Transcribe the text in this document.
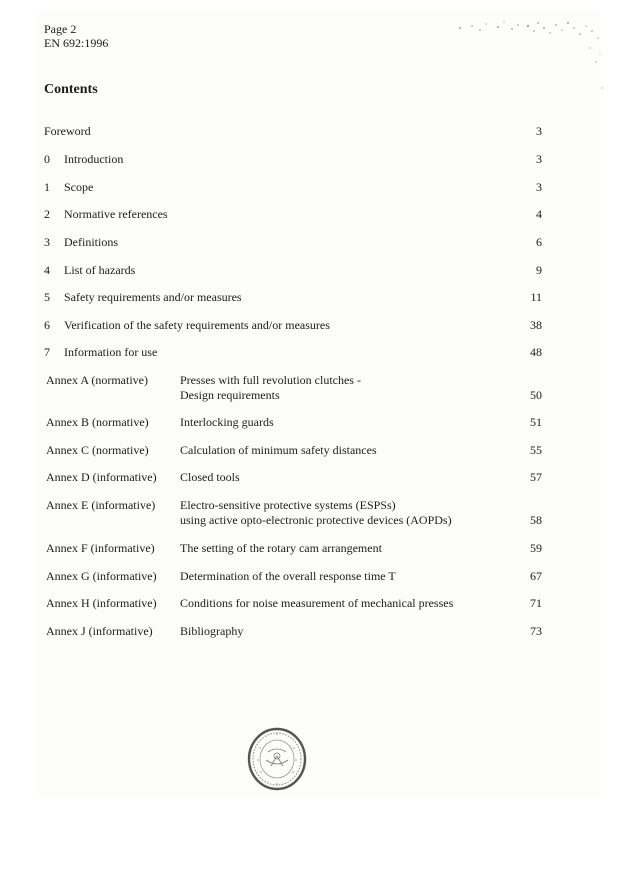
Page 2
EN 692:1996
Contents
Foreword	3
0 Introduction	3
1 Scope	3
2 Normative references	4
3 Definitions	6
4 List of hazards	9
5 Safety requirements and/or measures	11
6 Verification of the safety requirements and/or measures	38
7 Information for use	48
Annex A (normative)	Presses with full revolution clutches -
Design requirements	50
Annex B (normative)	Interlocking guards	51
Annex C (normative)	Calculation of minimum safety distances	55
Annex D (informative) Closed tools	57
Annex E (informative) Electro-sensitive protective systems (ESPSs)
using active opto-electronic protective devices (AOPDs)	58
Annex F (informative) The setting of the rotary cam arrangement	59
Annex G (informative) Determination of the overall response time T	67
Annex H (informative) Conditions for noise measurement of mechanical presses	71
Annex J (informative) Bibliography	73
